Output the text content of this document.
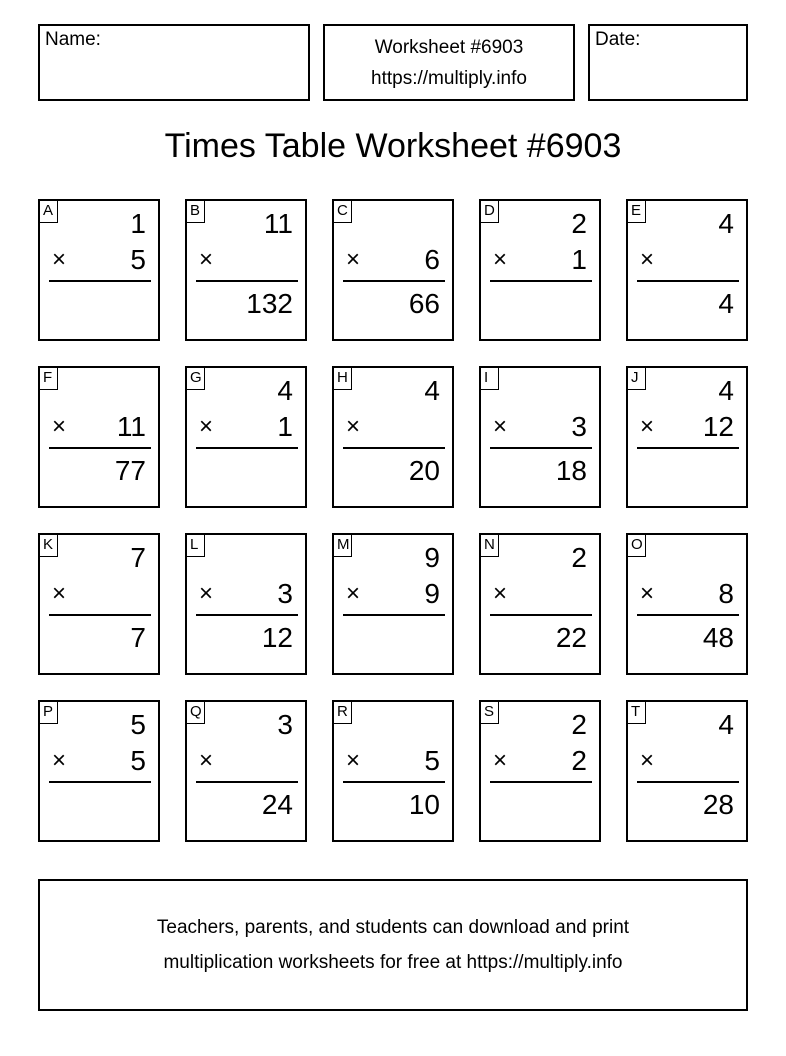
Name:	Worksheet #6903
https://multiply.info
Date:
Times Table Worksheet #6903
A	1
× 5
B 11
×
132
C
× 6
66
D	2
× 1
E	4
×
4
F
× 11
77
G	4
× 1
H	4
×
20
I
× 3
18
J	4
× 12
K	7
×
7
L
× 3
12
M	9
× 9
N	2
×
22
O
× 8
48
P	5
× 5
Q	3
×
24
R
× 5
10
S	2
× 2
T	4
×
28
Teachers, parents, and students can download and print
multiplication worksheets for free at https://multiply.info
